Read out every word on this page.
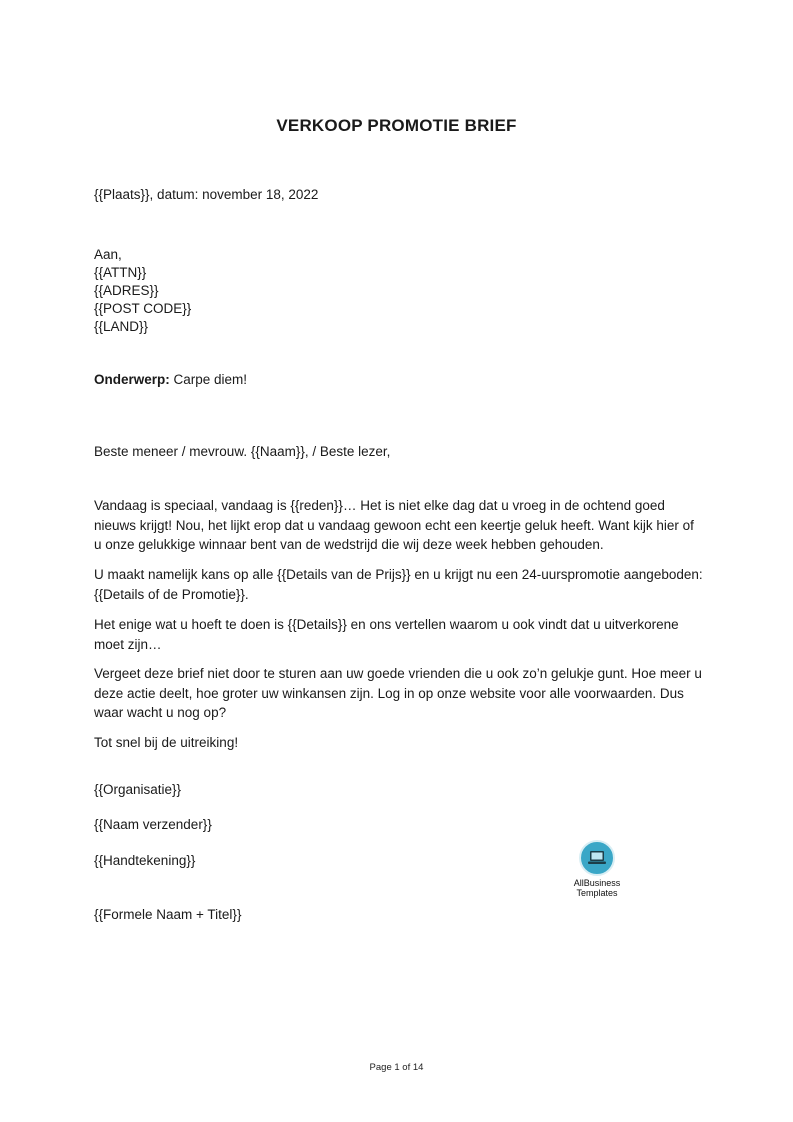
VERKOOP PROMOTIE BRIEF
{{Plaats}}, datum: november 18, 2022
Aan,
{{ATTN}}
{{ADRES}}
{{POST CODE}}
{{LAND}}
Onderwerp: Carpe diem!
Beste meneer / mevrouw. {{Naam}}, / Beste lezer,
Vandaag is speciaal, vandaag is {{reden}}… Het is niet elke dag dat u vroeg in de ochtend goed nieuws krijgt! Nou, het lijkt erop dat u vandaag gewoon echt een keertje geluk heeft. Want kijk hier of u onze gelukkige winnaar bent van de wedstrijd die wij deze week hebben gehouden.
U maakt namelijk kans op alle {{Details van de Prijs}} en u krijgt nu een 24-uurspromotie aangeboden: {{Details of de Promotie}}.
Het enige wat u hoeft te doen is {{Details}} en ons vertellen waarom u ook vindt dat u uitverkorene moet zijn…
Vergeet deze brief niet door te sturen aan uw goede vrienden die u ook zo’n gelukje gunt. Hoe meer u deze actie deelt, hoe groter uw winkansen zijn. Log in op onze website voor alle voorwaarden. Dus waar wacht u nog op?
Tot snel bij de uitreiking!
{{Organisatie}}
{{Naam verzender}}
{{Handtekening}}
{{Formele Naam + Titel}}
AllBusiness
Templates
Page 1 of 14
